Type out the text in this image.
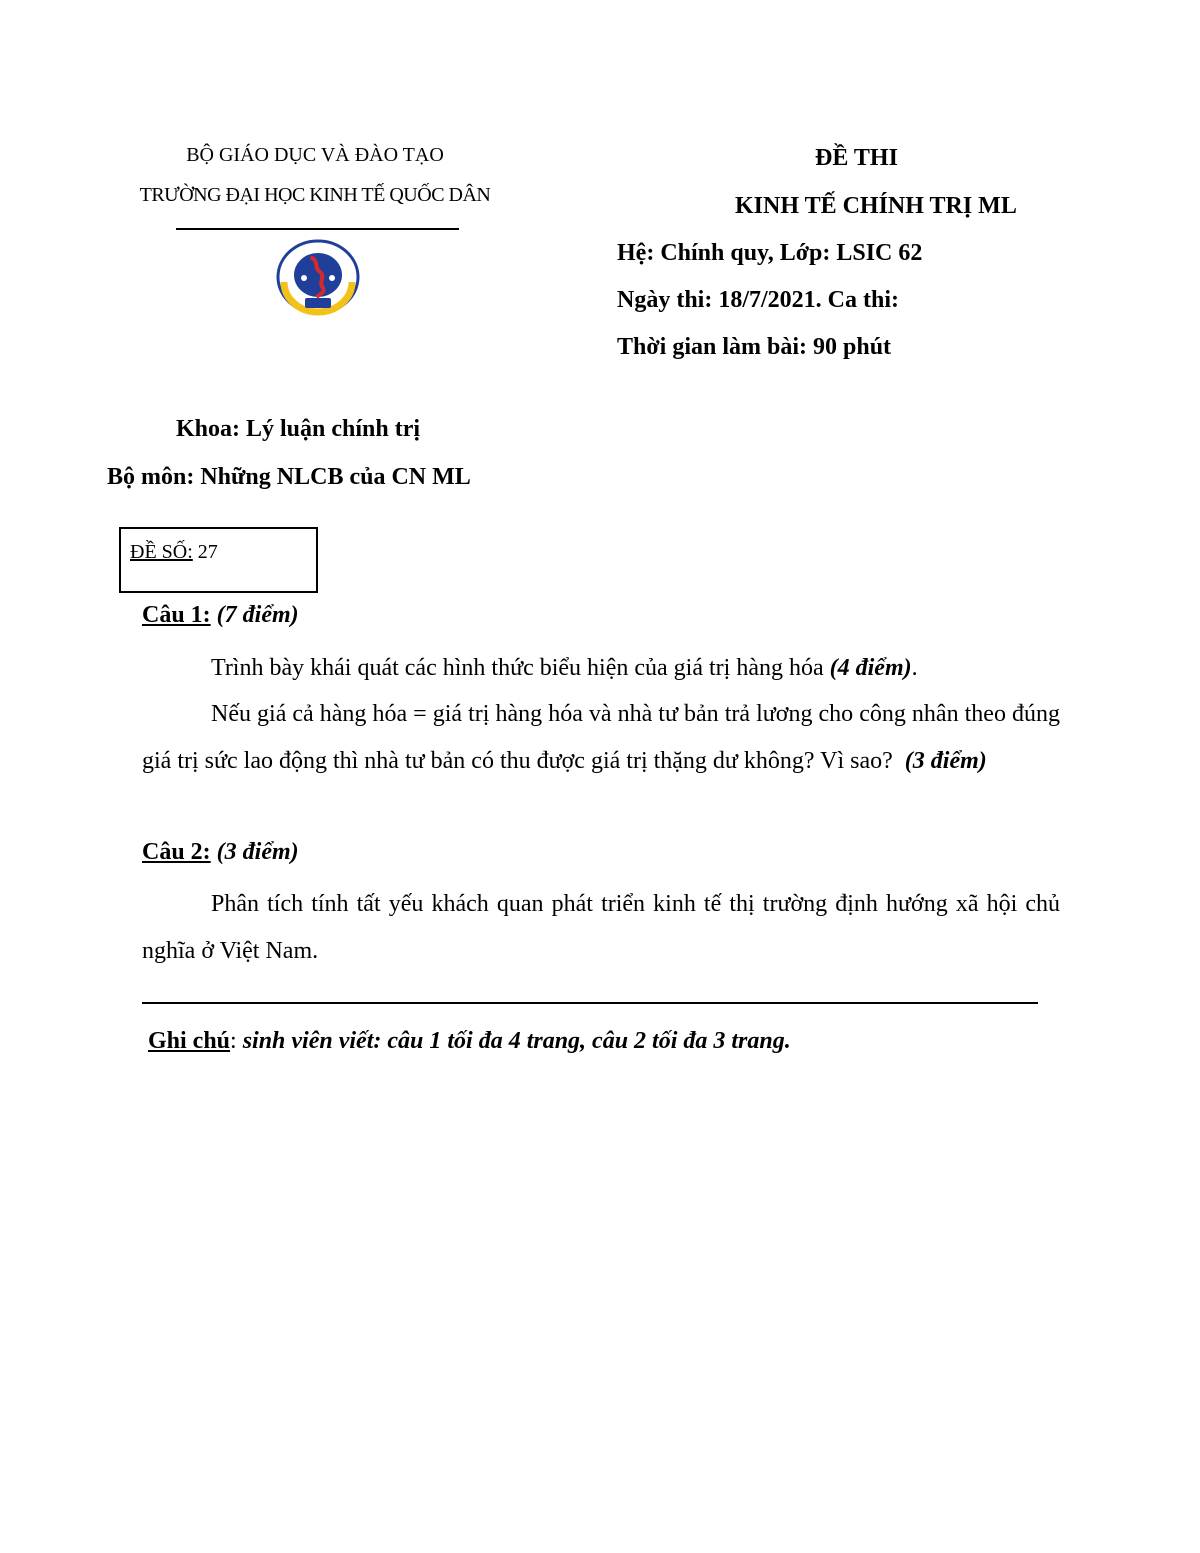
BỘ GIÁO DỤC VÀ ĐÀO TẠO
TRƯỜNG ĐẠI HỌC KINH TẾ QUỐC DÂN
ĐỀ THI
KINH TẾ CHÍNH TRỊ ML
Hệ: Chính quy, Lớp: LSIC 62
Ngày thi: 18/7/2021. Ca thi:
Thời gian làm bài: 90 phút
Khoa: Lý luận chính trị
Bộ môn: Những NLCB của CN ML
ĐỀ SỐ: 27
Câu 1: (7 điểm)
Trình bày khái quát các hình thức biểu hiện của giá trị hàng hóa (4 điểm).
Nếu giá cả hàng hóa = giá trị hàng hóa và nhà tư bản trả lương cho công nhân theo đúng giá trị sức lao động thì nhà tư bản có thu được giá trị thặng dư không? Vì sao? (3 điểm)
Câu 2: (3 điểm)
Phân tích tính tất yếu khách quan phát triển kinh tế thị trường định hướng xã hội chủ nghĩa ở Việt Nam.
Ghi chú: sinh viên viết: câu 1 tối đa 4 trang, câu 2 tối đa 3 trang.
